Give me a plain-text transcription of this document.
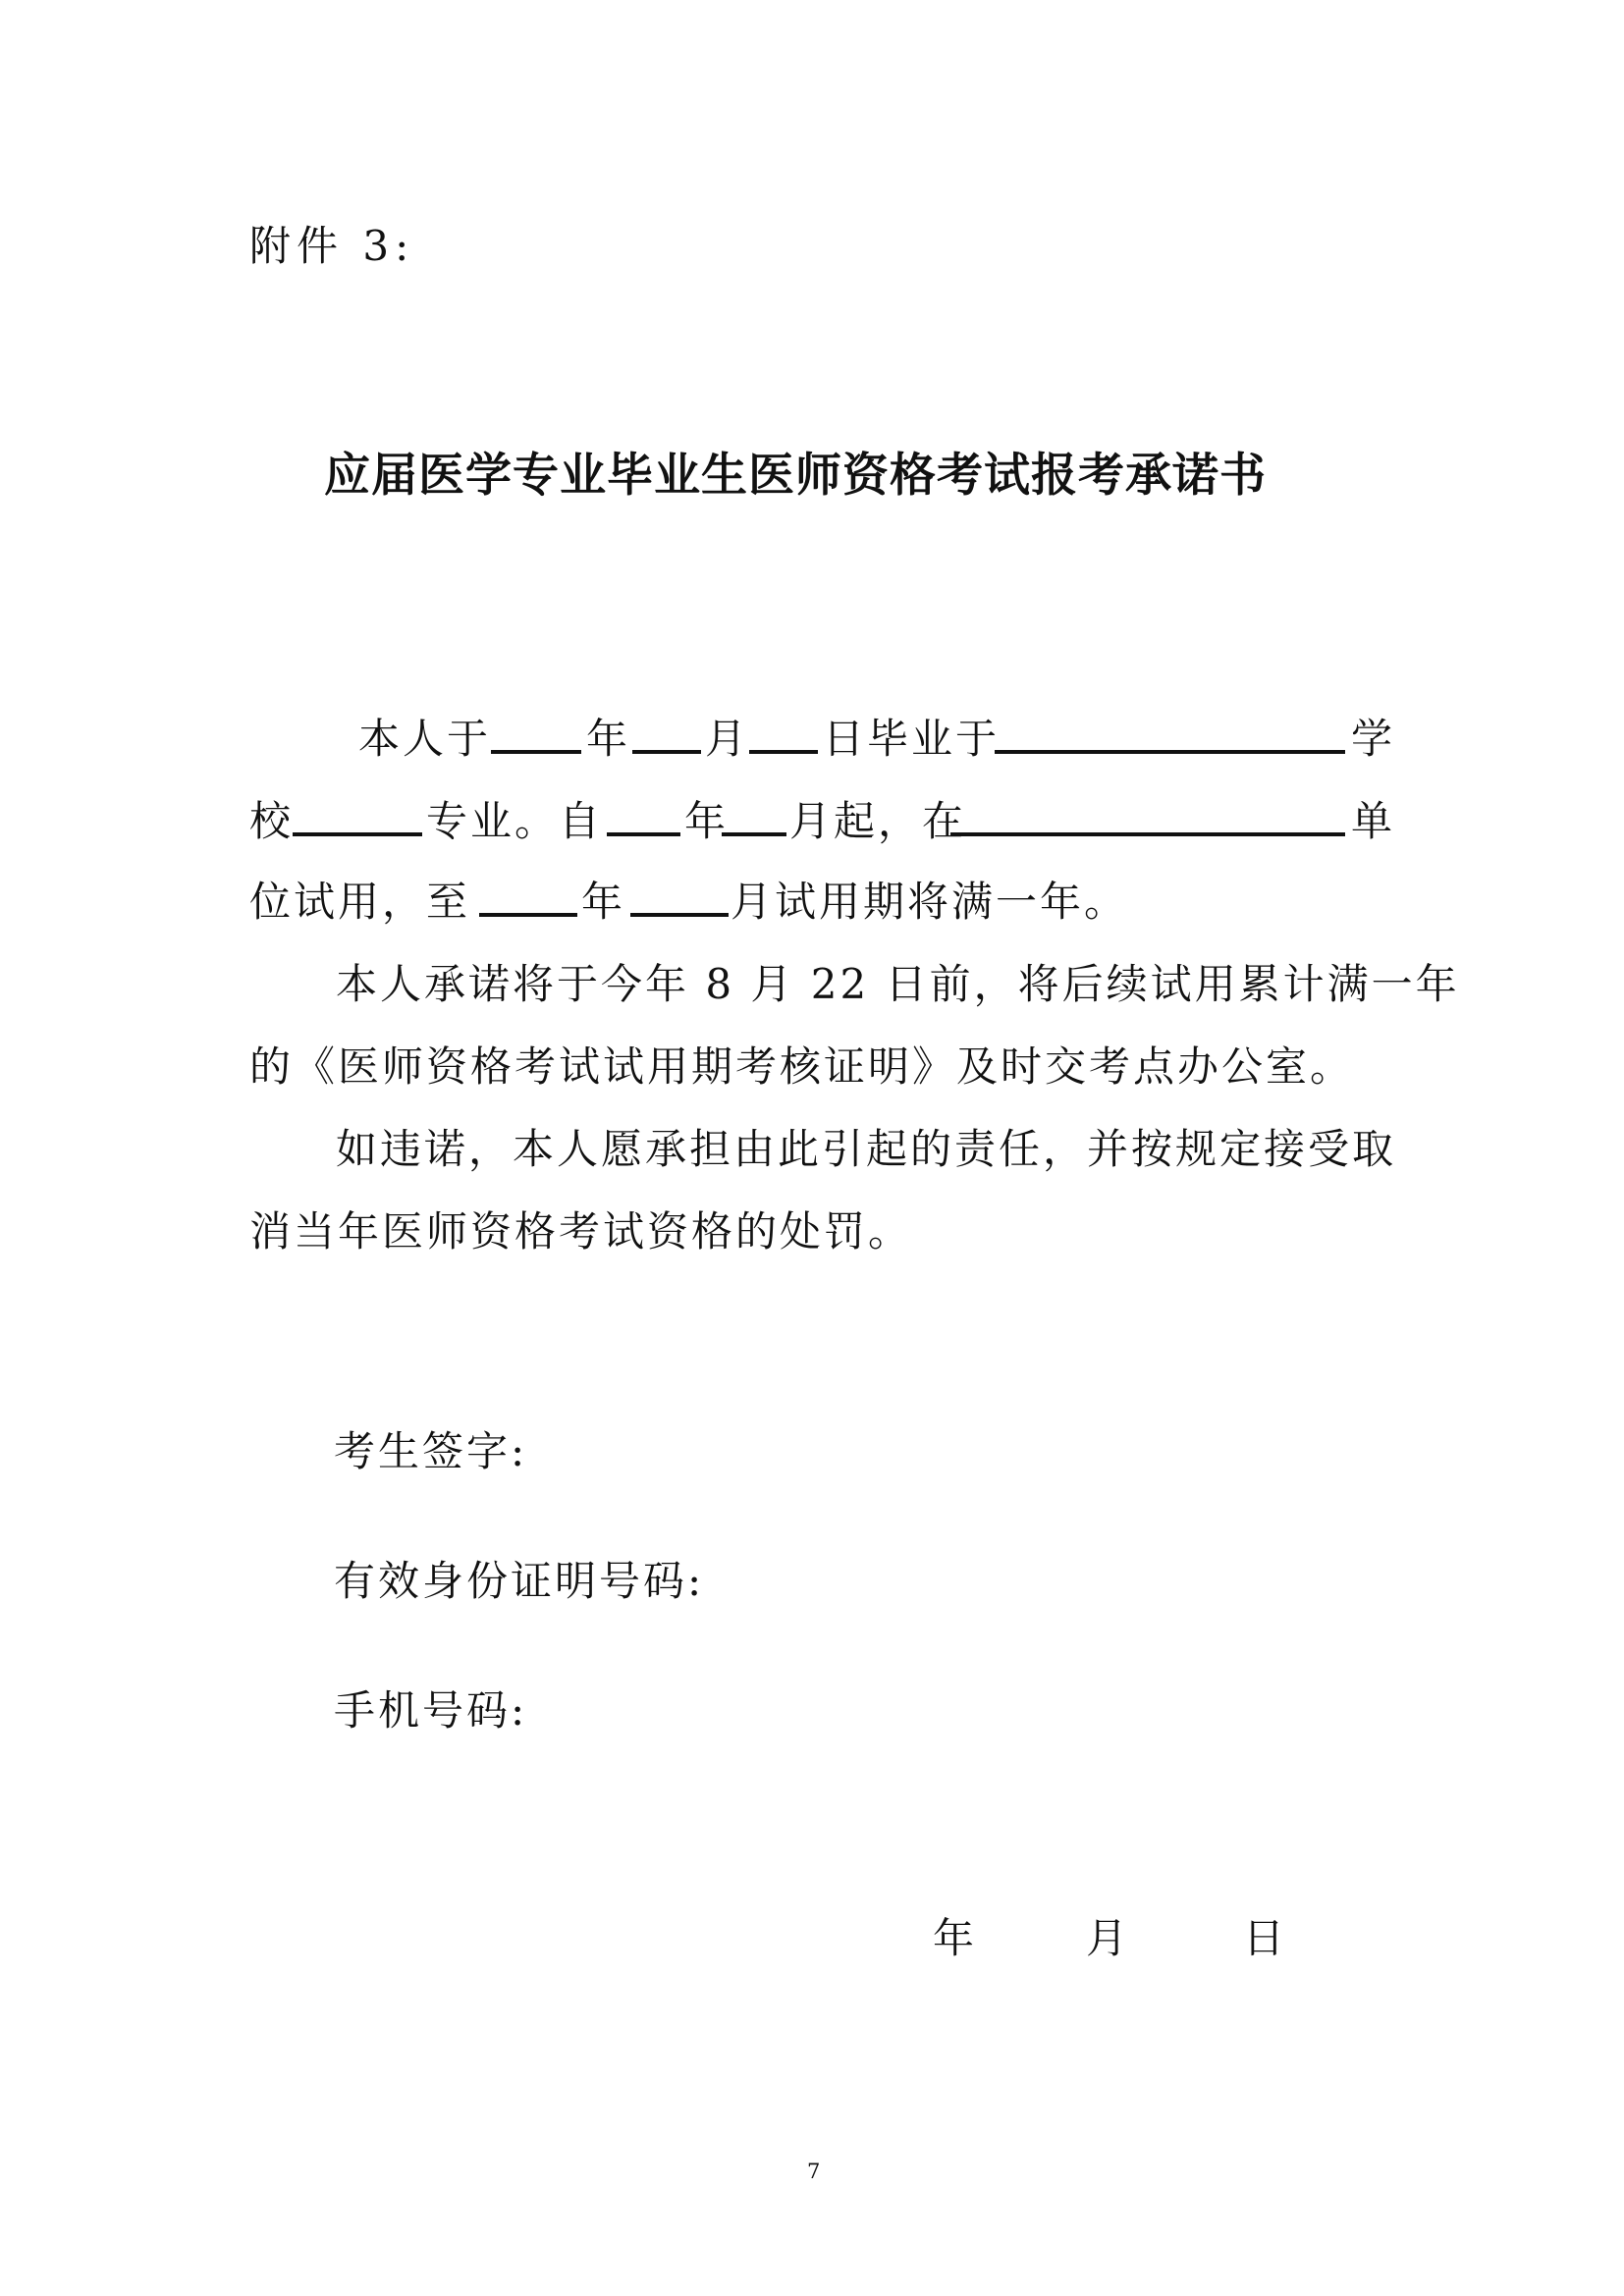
附件 3:
应届医学专业毕业生医师资格考试报考承诺书
本人于 年 月 日毕业于	学
校	专业。自 年 月起，在	单
位试用，至	年	月试用期将满一年。
本人承诺将于今年 8 月 22 日前，将后续试用累计满一年
的《医师资格考试试用期考核证明》及时交考点办公室。
如违诺，本人愿承担由此引起的责任，并按规定接受取
消当年医师资格考试资格的处罚。
考生签字:
有效身份证明号码:
手机号码:
年	月	日
7
